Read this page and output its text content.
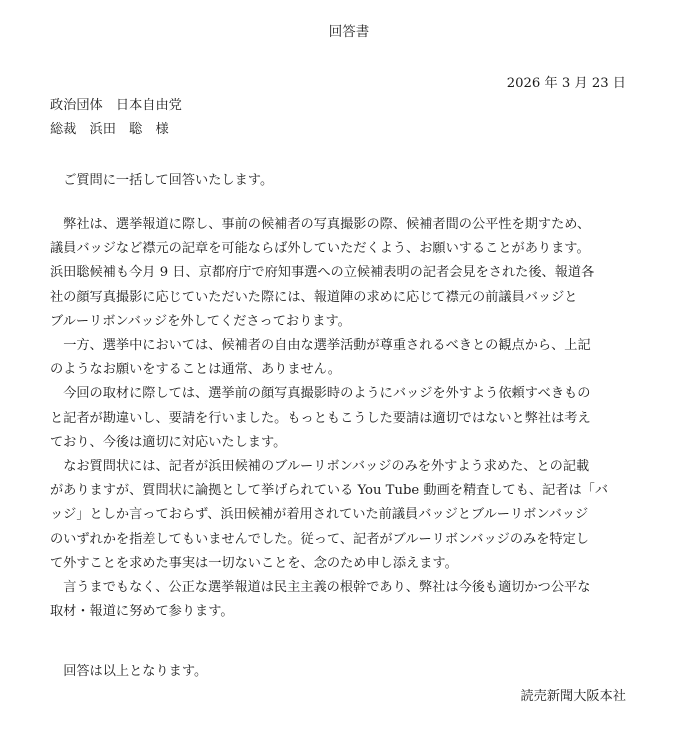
回答書
2026 年 3 月 23 日
政治団体　日本自由党
総裁　浜田　聡　様
ご質問に一括して回答いたします。

弊社は、選挙報道に際し、事前の候補者の写真撮影の際、候補者間の公平性を期すため、
議員バッジなど襟元の記章を可能ならば外していただくよう、お願いすることがあります。
浜田聡候補も今月 9 日、京都府庁で府知事選への立候補表明の記者会見をされた後、報道各
社の顔写真撮影に応じていただいた際には、報道陣の求めに応じて襟元の前議員バッジと
ブルーリボンバッジを外してくださっております。

一方、選挙中においては、候補者の自由な選挙活動が尊重されるべきとの観点から、上記
のようなお願いをすることは通常、ありません。

今回の取材に際しては、選挙前の顔写真撮影時のようにバッジを外すよう依頼すべきもの
と記者が勘違いし、要請を行いました。もっともこうした要請は適切ではないと弊社は考え
ており、今後は適切に対応いたします。

なお質問状には、記者が浜田候補のブルーリボンバッジのみを外すよう求めた、との記載
がありますが、質問状に論拠として挙げられている You Tube 動画を精査しても、記者は「バ
ッジ」としか言っておらず、浜田候補が着用されていた前議員バッジとブルーリボンバッジ
のいずれかを指差してもいませんでした。従って、記者がブルーリボンバッジのみを特定し
て外すことを求めた事実は一切ないことを、念のため申し添えます。

言うまでもなく、公正な選挙報道は民主主義の根幹であり、弊社は今後も適切かつ公平な
取材・報道に努めて参ります。

回答は以上となります。
読売新聞大阪本社
